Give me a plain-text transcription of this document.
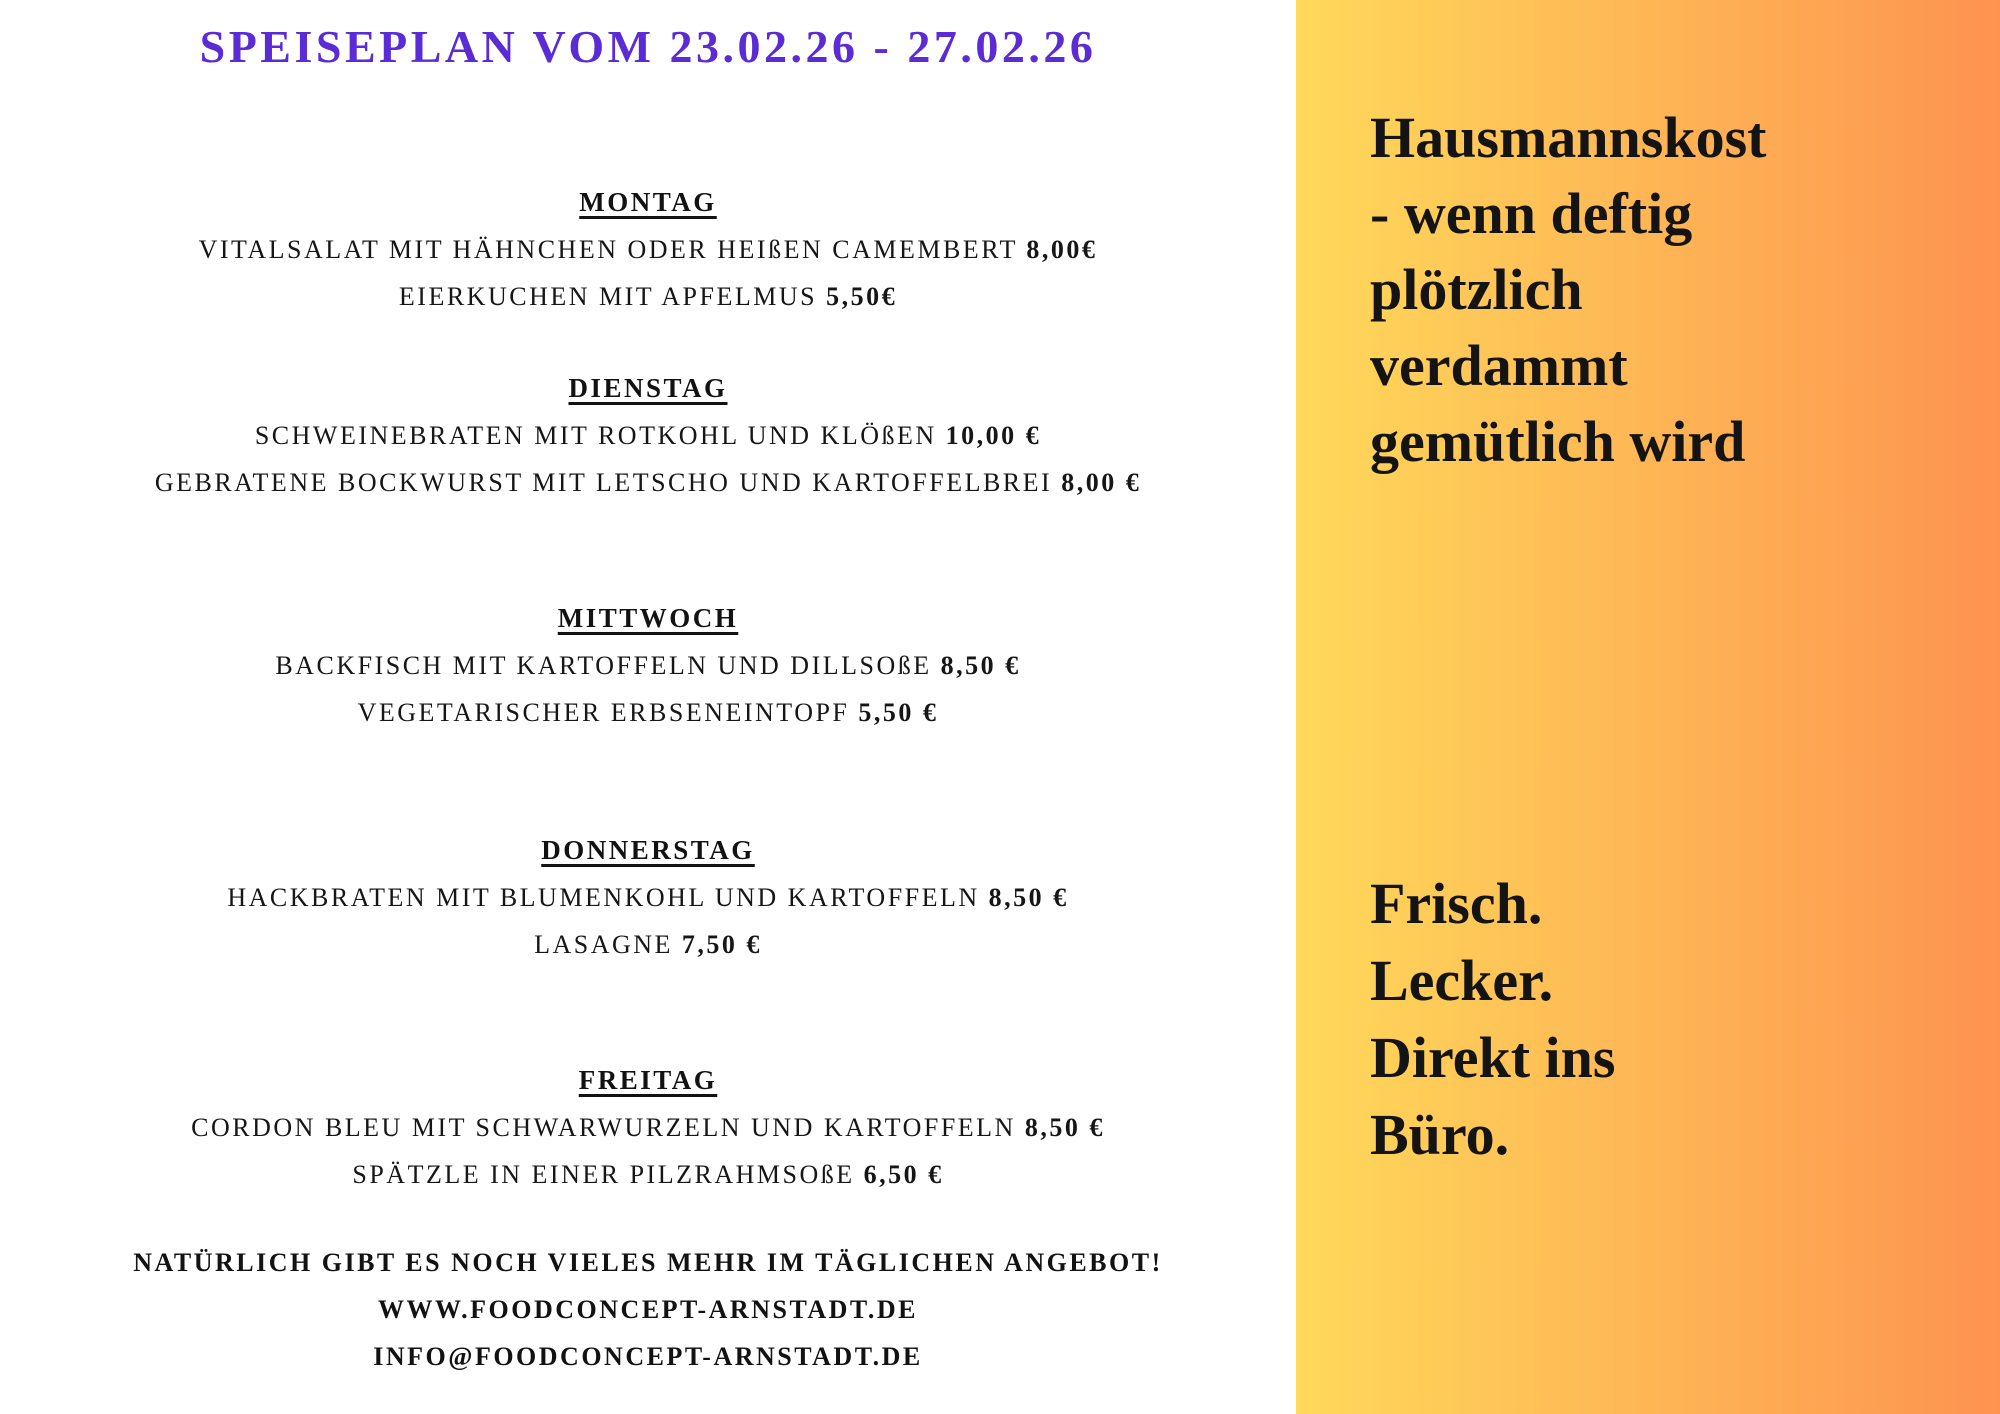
SPEISEPLAN VOM 23.02.26 - 27.02.26
MONTAG
VITALSALAT MIT HÄHNCHEN ODER HEIßEN CAMEMBERT 8,00€
EIERKUCHEN MIT APFELMUS 5,50€
DIENSTAG
SCHWEINEBRATEN MIT ROTKOHL UND KLÖßEN 10,00 €
GEBRATENE BOCKWURST MIT LETSCHO UND KARTOFFELBREI 8,00 €
MITTWOCH
BACKFISCH MIT KARTOFFELN UND DILLSOßE 8,50 €
VEGETARISCHER ERBSENEINTOPF 5,50 €
DONNERSTAG
HACKBRATEN MIT BLUMENKOHL UND KARTOFFELN 8,50 €
LASAGNE 7,50 €
FREITAG
CORDON BLEU MIT SCHWARWURZELN UND KARTOFFELN 8,50 €
SPÄTZLE IN EINER PILZRAHMSOßE 6,50 €
NATÜRLICH GIBT ES NOCH VIELES MEHR IM TÄGLICHEN ANGEBOT!
WWW.FOODCONCEPT-ARNSTADT.DE
INFO@FOODCONCEPT-ARNSTADT.DE
Hausmannskost
- wenn deftig
plötzlich
verdammt
gemütlich wird
Frisch.
Lecker.
Direkt ins
Büro.
